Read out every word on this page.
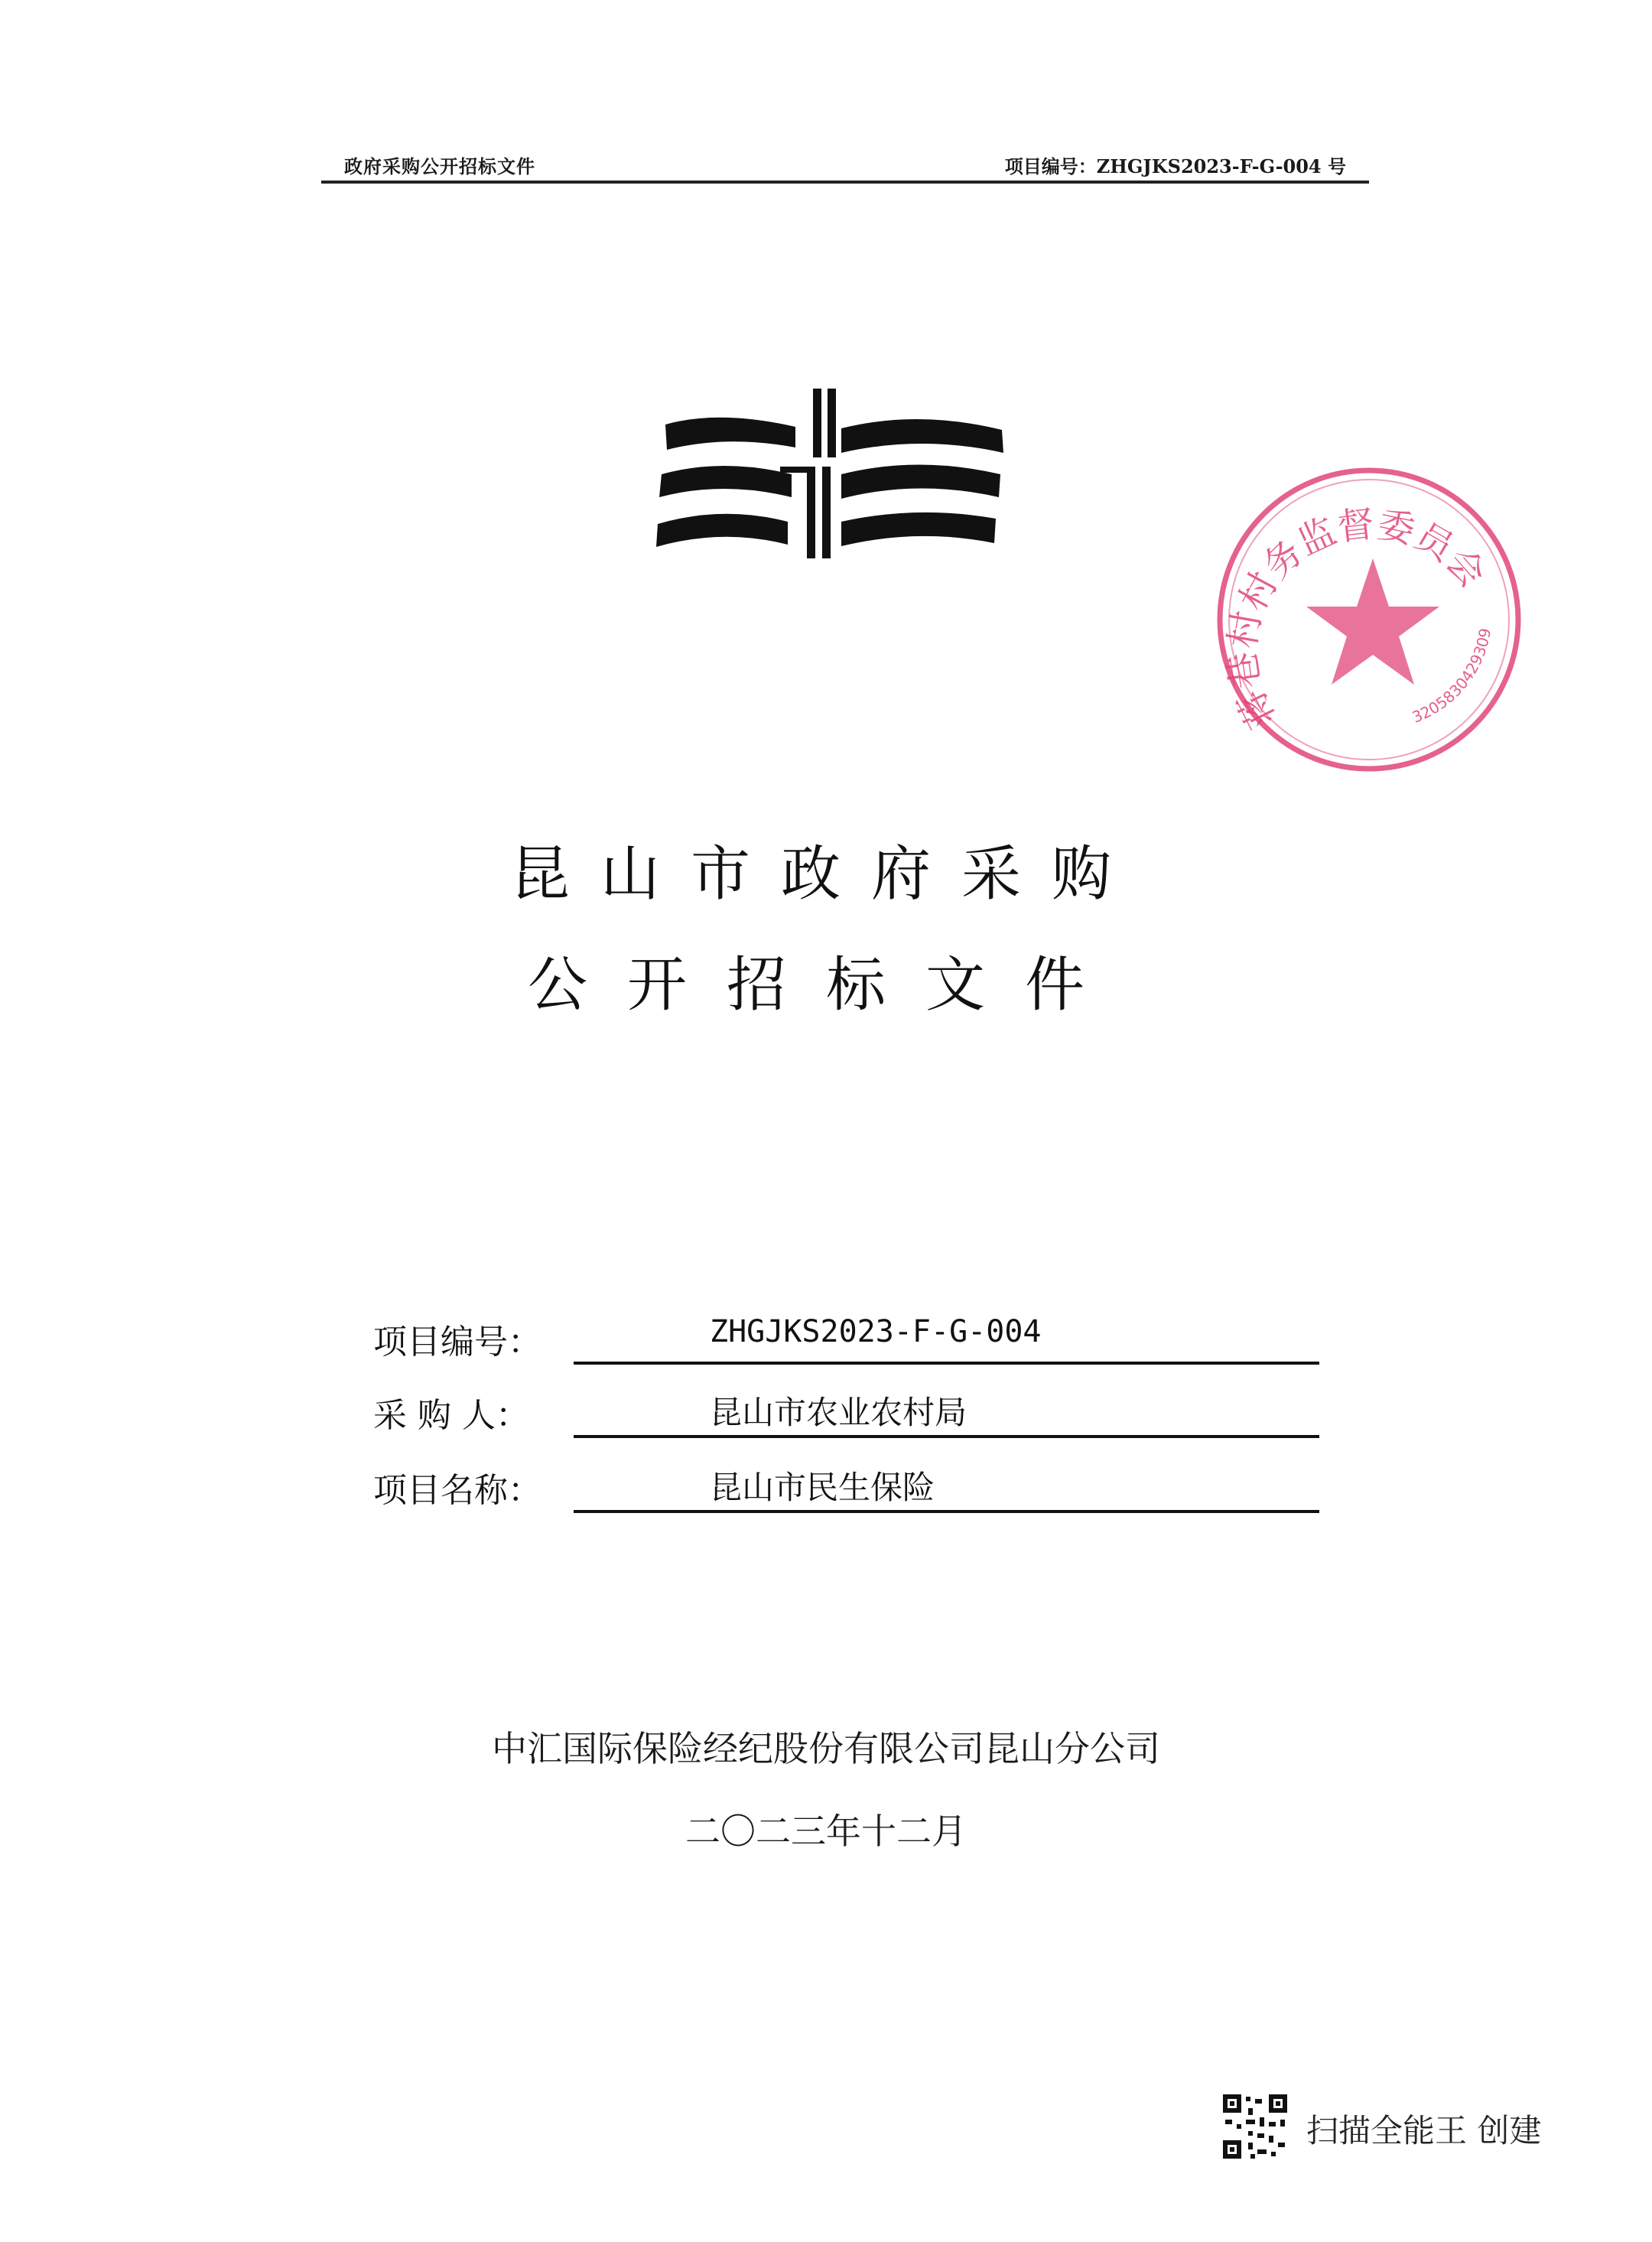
政府采购公开招标文件	项目编号：ZHGJKS2023-F-G-004 号
蒋巷村村务监督委员会
3205830429309
昆山市政府采购
公开招标文件
项目编号：	ZHGJKS2023-F-G-004
采 购 人：	昆山市农业农村局
项目名称：	昆山市民生保险
中汇国际保险经纪股份有限公司昆山分公司
二〇二三年十二月
扫描全能王 创建
